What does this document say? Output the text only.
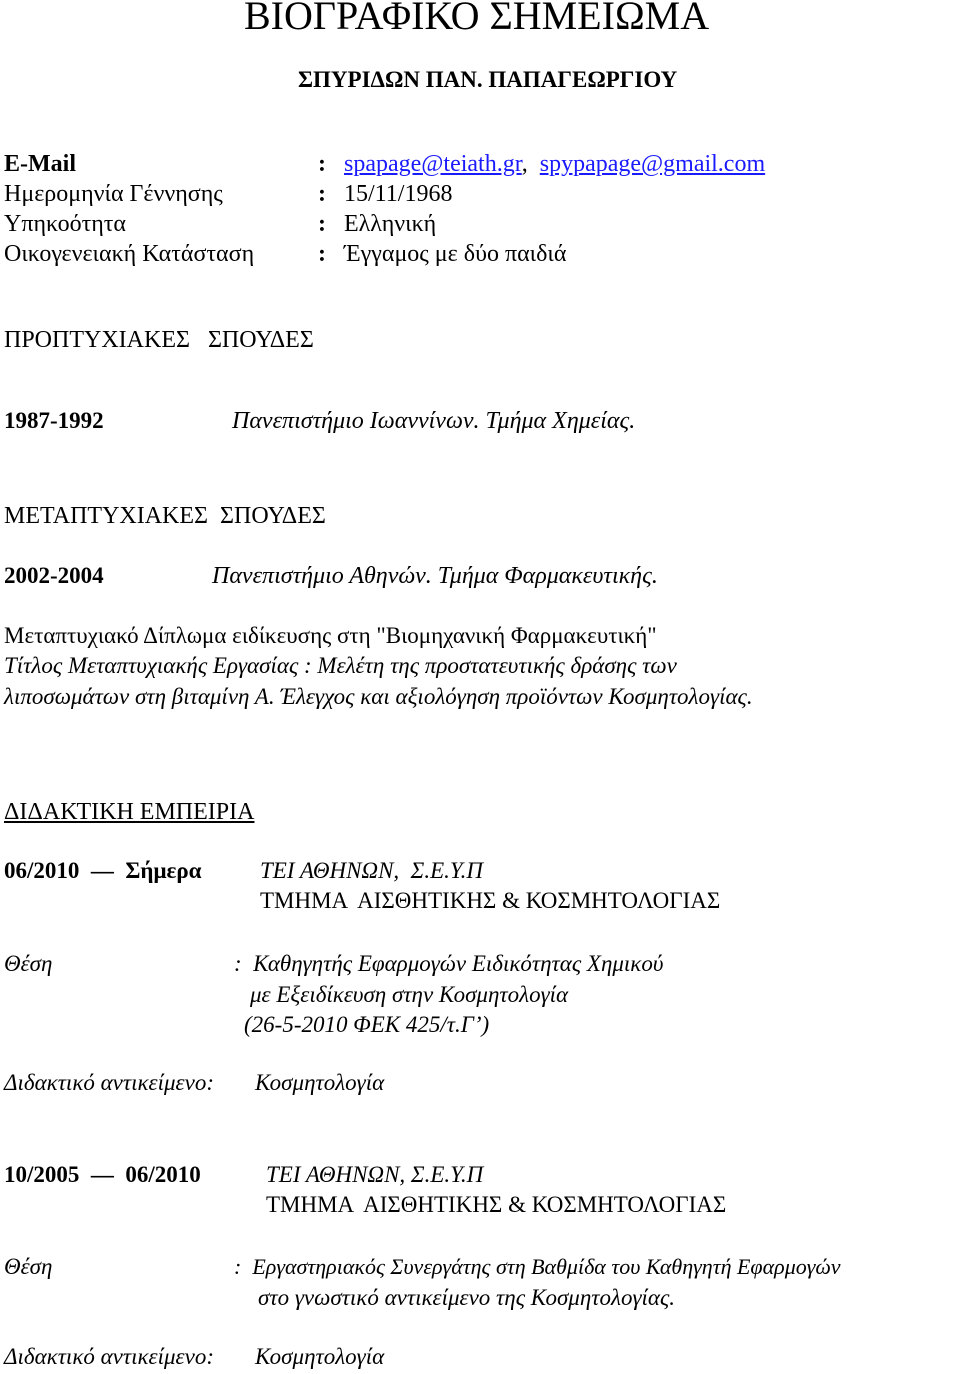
ΒΙΟΓΡΑΦΙΚΟ ΣΗΜΕΙΩΜΑ
ΣΠΥΡΙΔΩΝ ΠΑΝ. ΠΑΠΑΓΕΩΡΓΙΟΥ
E-Mail	: spapage@teiath.gr, spypapage@gmail.com
Ημερομηνία Γέννησης	: 15/11/1968
Υπηκοότητα	: Ελληνική
Οικογενειακή Κατάσταση	: Έγγαμος με δύο παιδιά
ΠΡΟΠΤΥΧΙΑΚΕΣ   ΣΠΟΥΔΕΣ
1987-1992	Πανεπιστήμιο Ιωαννίνων. Τμήμα Χημείας.
ΜΕΤΑΠΤΥΧΙΑΚΕΣ  ΣΠΟΥΔΕΣ
2002-2004	Πανεπιστήμιο Αθηνών. Τμήμα Φαρμακευτικής.
Μεταπτυχιακό Δίπλωμα ειδίκευσης στη "Βιομηχανική Φαρμακευτική"
Τίτλος Μεταπτυχιακής Εργασίας : Μελέτη της προστατευτικής δράσης των
λιποσωμάτων στη βιταμίνη Α. Έλεγχος και αξιολόγηση προϊόντων Κοσμητολογίας.
ΔΙΔΑΚΤΙΚΗ ΕΜΠΕΙΡΙΑ
06/2010  —  Σήμερα	ΤΕΙ ΑΘΗΝΩΝ,  Σ.Ε.Υ.Π
ΤΜΗΜΑ  ΑΙΣΘΗΤΙΚΗΣ & ΚΟΣΜΗΤΟΛΟΓΙΑΣ
Θέση	:  Καθηγητής Εφαρμογών Ειδικότητας Χημικού
με Εξειδίκευση στην Κοσμητολογία
(26-5-2010 ΦΕΚ 425/τ.Γ’)
Διδακτικό αντικείμενο: Κοσμητολογία
10/2005  —  06/2010	ΤΕΙ ΑΘΗΝΩΝ, Σ.Ε.Υ.Π
ΤΜΗΜΑ  ΑΙΣΘΗΤΙΚΗΣ & ΚΟΣΜΗΤΟΛΟΓΙΑΣ
Θέση	:  Εργαστηριακός Συνεργάτης στη Βαθμίδα του Καθηγητή Εφαρμογών
στο γνωστικό αντικείμενο της Κοσμητολογίας.
Διδακτικό αντικείμενο: Κοσμητολογία
